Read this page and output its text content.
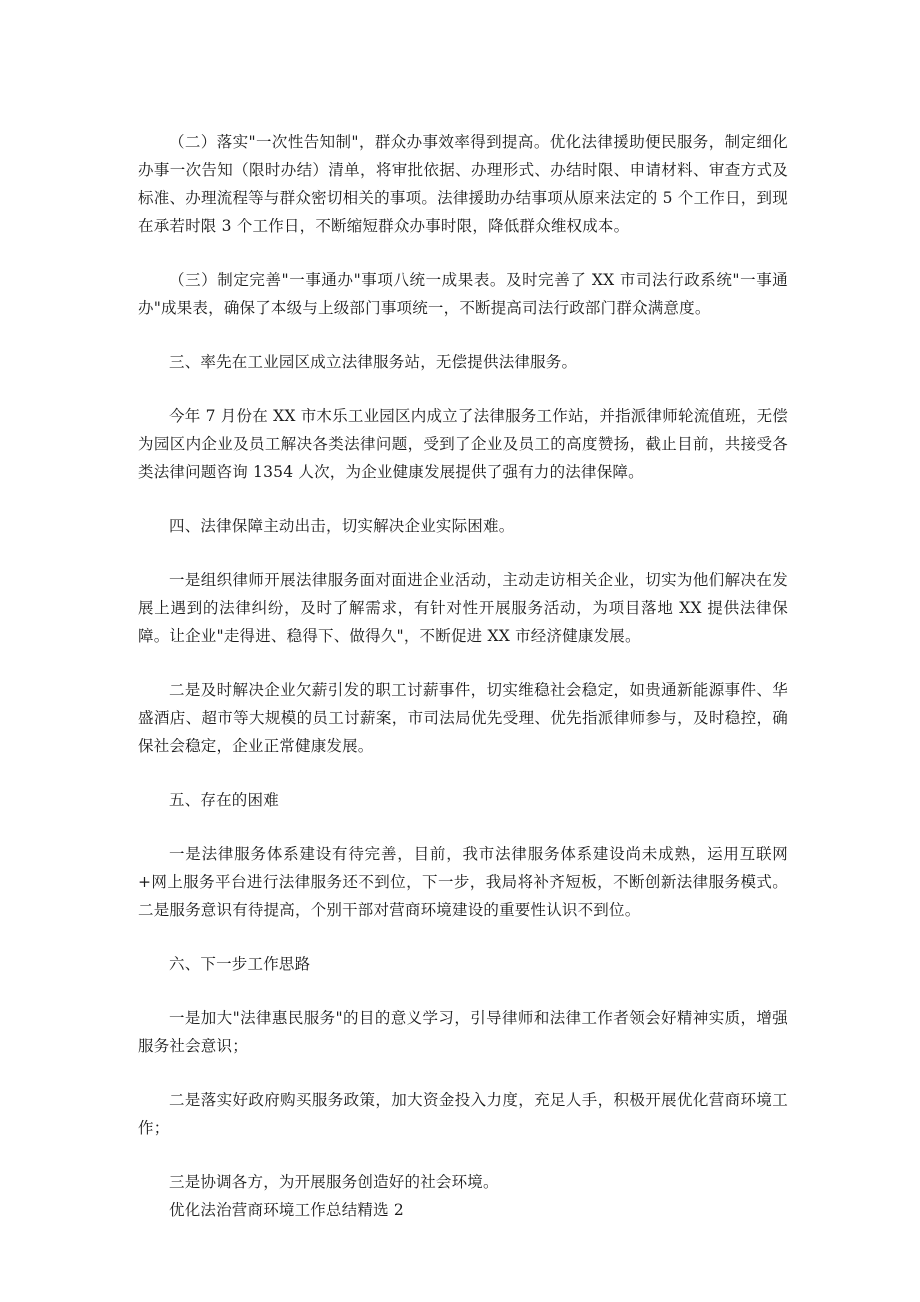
（二）落实"一次性告知制"，群众办事效率得到提高。优化法律援助便民服务，制定细化办事一次告知（限时办结）清单，将审批依据、办理形式、办结时限、申请材料、审查方式及标准、办理流程等与群众密切相关的事项。法律援助办结事项从原来法定的 5 个工作日，到现在承若时限 3 个工作日，不断缩短群众办事时限，降低群众维权成本。

（三）制定完善"一事通办"事项八统一成果表。及时完善了 XX 市司法行政系统"一事通办"成果表，确保了本级与上级部门事项统一，不断提高司法行政部门群众满意度。

三、率先在工业园区成立法律服务站，无偿提供法律服务。

今年 7 月份在 XX 市木乐工业园区内成立了法律服务工作站，并指派律师轮流值班，无偿为园区内企业及员工解决各类法律问题，受到了企业及员工的高度赞扬，截止目前，共接受各类法律问题咨询 1354 人次，为企业健康发展提供了强有力的法律保障。

四、法律保障主动出击，切实解决企业实际困难。

一是组织律师开展法律服务面对面进企业活动，主动走访相关企业，切实为他们解决在发展上遇到的法律纠纷，及时了解需求，有针对性开展服务活动，为项目落地 XX 提供法律保障。让企业"走得进、稳得下、做得久"，不断促进 XX 市经济健康发展。

二是及时解决企业欠薪引发的职工讨薪事件，切实维稳社会稳定，如贵通新能源事件、华盛酒店、超市等大规模的员工讨薪案，市司法局优先受理、优先指派律师参与，及时稳控，确保社会稳定，企业正常健康发展。

五、存在的困难

一是法律服务体系建设有待完善，目前，我市法律服务体系建设尚未成熟，运用互联网+网上服务平台进行法律服务还不到位，下一步，我局将补齐短板，不断创新法律服务模式。二是服务意识有待提高，个别干部对营商环境建设的重要性认识不到位。

六、下一步工作思路

一是加大"法律惠民服务"的目的意义学习，引导律师和法律工作者领会好精神实质，增强服务社会意识；

二是落实好政府购买服务政策，加大资金投入力度，充足人手，积极开展优化营商环境工作；

三是协调各方，为开展服务创造好的社会环境。

优化法治营商环境工作总结精选 2
